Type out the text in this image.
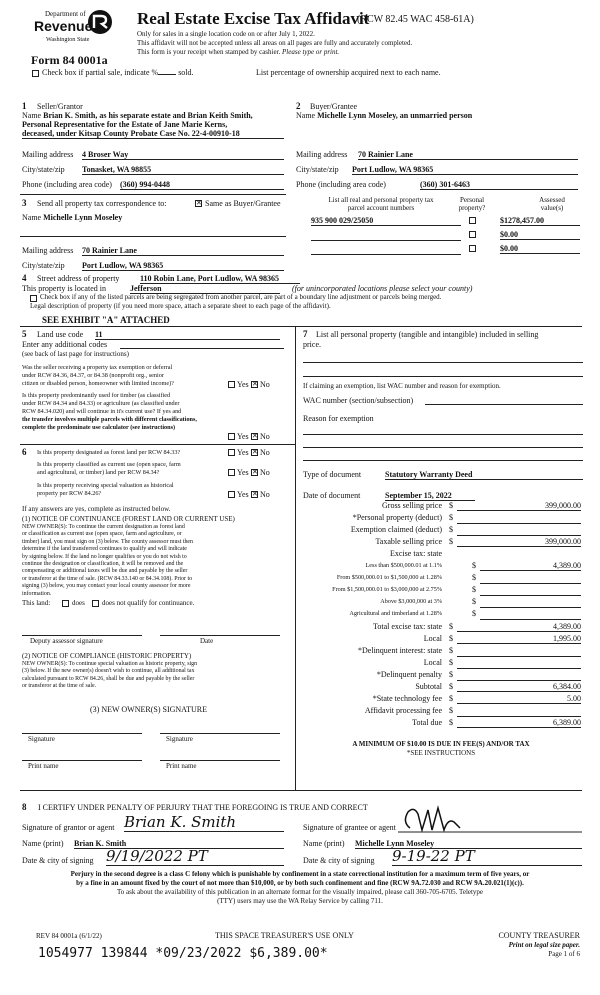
Department of
Revenue
Washington State
Real Estate Excise Tax Affidavit
(RCW 82.45 WAC 458-61A)
Only for sales in a single location code on or after July 1, 2022.
This affidavit will not be accepted unless all areas on all pages are fully and accurately completed.
This form is your receipt when stamped by cashier. Please type or print.
Form 84 0001a
Check box if partial sale, indicate %	sold.	List percentage of ownership acquired next to each name.
1 Seller/Grantor
Name Brian K. Smith, as his separate estate and Brian Keith Smith,
Personal Representative for the Estate of Jane Marie Kerns,
deceased, under Kitsap County Probate Case No. 22-4-00910-18
Mailing address 4 Broser Way
City/state/zip Tonasket, WA 98855
Phone (including area code) (360) 994-0448
2 Buyer/Grantee
Name Michelle Lynn Moseley, an unmarried person
Mailing address 70 Rainier Lane
City/state/zip Port Ludlow, WA 98365
Phone (including area code)	(360) 301-6463
3 Send all property tax correspondence to:	✕ Same as Buyer/Grantee
Name Michelle Lynn Moseley
Mailing address 70 Rainier Lane
City/state/zip Port Ludlow, WA 98365
List all real and personal property tax
parcel account numbers
Personal
property?
Assessed
value(s)
935 900 029/25050	$1278,457.00
$0.00
$0.00
4 Street address of property	110 Robin Lane, Port Ludlow, WA 98365
This property is located in	Jefferson	(for unincorporated locations please select your county)
Check box if any of the listed parcels are being segregated from another parcel, are part of a boundary line adjustment or parcels being merged.
Legal description of property (if you need more space, attach a separate sheet to each page of the affidavit).
SEE EXHIBIT "A" ATTACHED
5 Land use code 11
Enter any additional codes
(see back of last page for instructions)
Was the seller receiving a property tax exemption or deferral
under RCW 84.36, 84.37, or 84.38 (nonprofit org., senior
citizen or disabled person, homeowner with limited income)?	Yes ✕ No
Is this property predominantly used for timber (as classified
under RCW 84.34 and 84.33) or agriculture (as classified under
RCW 84.34.020) and will continue in it's current use? If yes and
the transfer involves multiple parcels with different classifications,
complete the predominate use calculator (see instructions)
Yes ✕ No
6 Is this property designated as forest land per RCW 84.33?	Yes ✕ No
Is this property classified as current use (open space, farm
and agricultural, or timber) land per RCW 84.34?	Yes ✕ No
Is this property receiving special valuation as historical
property per RCW 84.26?	Yes ✕ No
If any answers are yes, complete as instructed below.
(1) NOTICE OF CONTINUANCE (FOREST LAND OR CURRENT USE)
NEW OWNER(S): To continue the current designation as forest land
or classification as current use (open space, farm and agriculture, or
timber) land, you must sign on (3) below. The county assessor must then
determine if the land transferred continues to qualify and will indicate
by signing below. If the land no longer qualifies or you do not wish to
continue the designation or classification, it will be removed and the
compensating or additional taxes will be due and payable by the seller
or transferor at the time of sale. (RCW 84.33.140 or 84.34.108). Prior to
signing (3) below, you may contact your local county assessor for more
information.
This land:	does does not qualify for continuance.
Deputy assessor signature	Date
(2) NOTICE OF COMPLIANCE (HISTORIC PROPERTY)
NEW OWNER(S): To continue special valuation as historic property, sign
(3) below. If the new owner(s) doesn't wish to continue, all additional tax
calculated pursuant to RCW 84.26, shall be due and payable by the seller
or transferor at the time of sale.
(3) NEW OWNER(S) SIGNATURE
Signature	Signature
Print name	Print name
7 List all personal property (tangible and intangible) included in selling
price.
If claiming an exemption, list WAC number and reason for exemption.
WAC number (section/subsection)
Reason for exemption
Type of document	Statutory Warranty Deed
Date of document	September 15, 2022
Gross selling price $	399,000.00
*Personal property (deduct) $
Exemption claimed (deduct) $
Taxable selling price $	399,000.00
Excise tax: state
Less than $500,000.01 at 1.1%	$	4,389.00
From $500,000.01 to $1,500,000 at 1.28%	$
From $1,500,000.01 to $3,000,000 at 2.75%	$
Above $3,000,000 at 3%	$
Agricultural and timberland at 1.28%	$
Total excise tax: state $	4,389.00
Local $	1,995.00
*Delinquent interest: state $
Local $
*Delinquent penalty $
Subtotal $	6,384.00
*State technology fee $	5.00
Affidavit processing fee $
Total due $	6,389.00
A MINIMUM OF $10.00 IS DUE IN FEE(S) AND/OR TAX
*SEE INSTRUCTIONS
8 I CERTIFY UNDER PENALTY OF PERJURY THAT THE FOREGOING IS TRUE AND CORRECT
Signature of grantor or agent Brian K. Smith	Signature of grantee or agent
Name (print) Brian K. Smith	Name (print) Michelle Lynn Moseley
Date & city of signing 9/19/2022 PT	Date & city of signing 9-19-22 PT
Perjury in the second degree is a class C felony which is punishable by confinement in a state correctional institution for a maximum term of five years, or
by a fine in an amount fixed by the court of not more than $10,000, or by both such confinement and fine (RCW 9A.72.030 and RCW 9A.20.021(1)(c)).
To ask about the availability of this publication in an alternate format for the visually impaired, please call 360-705-6705. Teletype
(TTY) users may use the WA Relay Service by calling 711.
REV 84 0001a (6/1/22)	THIS SPACE TREASURER'S USE ONLY	COUNTY TREASURER
Print on legal size paper.
Page 1 of 6
1054977 139844 *09/23/2022 $6,389.00*
